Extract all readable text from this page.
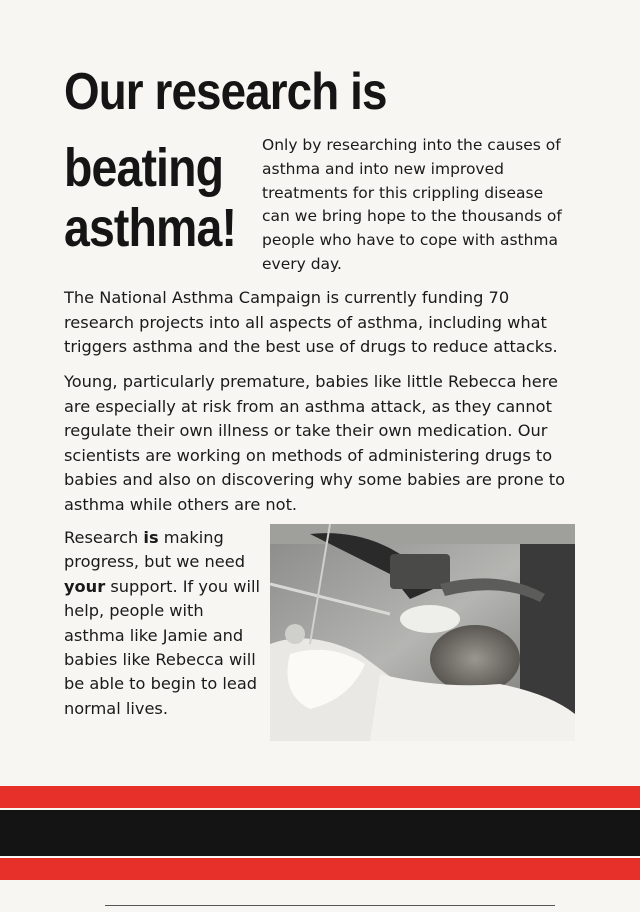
Our research is
beating
asthma!

Only by researching into the causes of asthma and into new improved treatments for this crippling disease can we bring hope to the thousands of people who have to cope with asthma every day.

The National Asthma Campaign is currently funding 70 research projects into all aspects of asthma, including what triggers asthma and the best use of drugs to reduce attacks.

Young, particularly premature, babies like little Rebecca here are especially at risk from an asthma attack, as they cannot regulate their own illness or take their own medication. Our scientists are working on methods of administering drugs to babies and also on discovering why some babies are prone to asthma while others are not.

Research is making progress, but we need your support. If you will help, people with asthma like Jamie and babies like Rebecca will be able to begin to lead normal lives.
